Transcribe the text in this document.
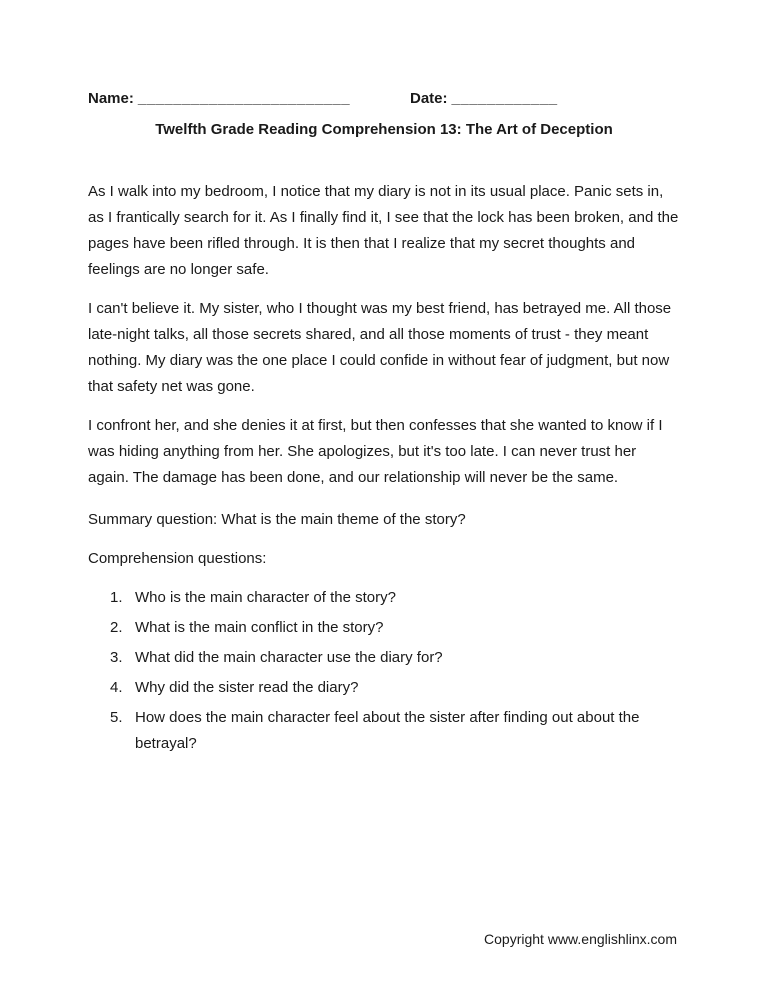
Name: ________________________	Date: ____________
Twelfth Grade Reading Comprehension 13: The Art of Deception

As I walk into my bedroom, I notice that my diary is not in its usual place. Panic sets in, as I frantically search for it. As I finally find it, I see that the lock has been broken, and the pages have been rifled through. It is then that I realize that my secret thoughts and feelings are no longer safe.

I can't believe it. My sister, who I thought was my best friend, has betrayed me. All those late-night talks, all those secrets shared, and all those moments of trust - they meant nothing. My diary was the one place I could confide in without fear of judgment, but now that safety net was gone.

I confront her, and she denies it at first, but then confesses that she wanted to know if I was hiding anything from her. She apologizes, but it's too late. I can never trust her again. The damage has been done, and our relationship will never be the same.

Summary question: What is the main theme of the story?

Comprehension questions:

1. Who is the main character of the story?
2. What is the main conflict in the story?
3. What did the main character use the diary for?
4. Why did the sister read the diary?
5. How does the main character feel about the sister after finding out about the betrayal?
Copyright www.englishlinx.com
